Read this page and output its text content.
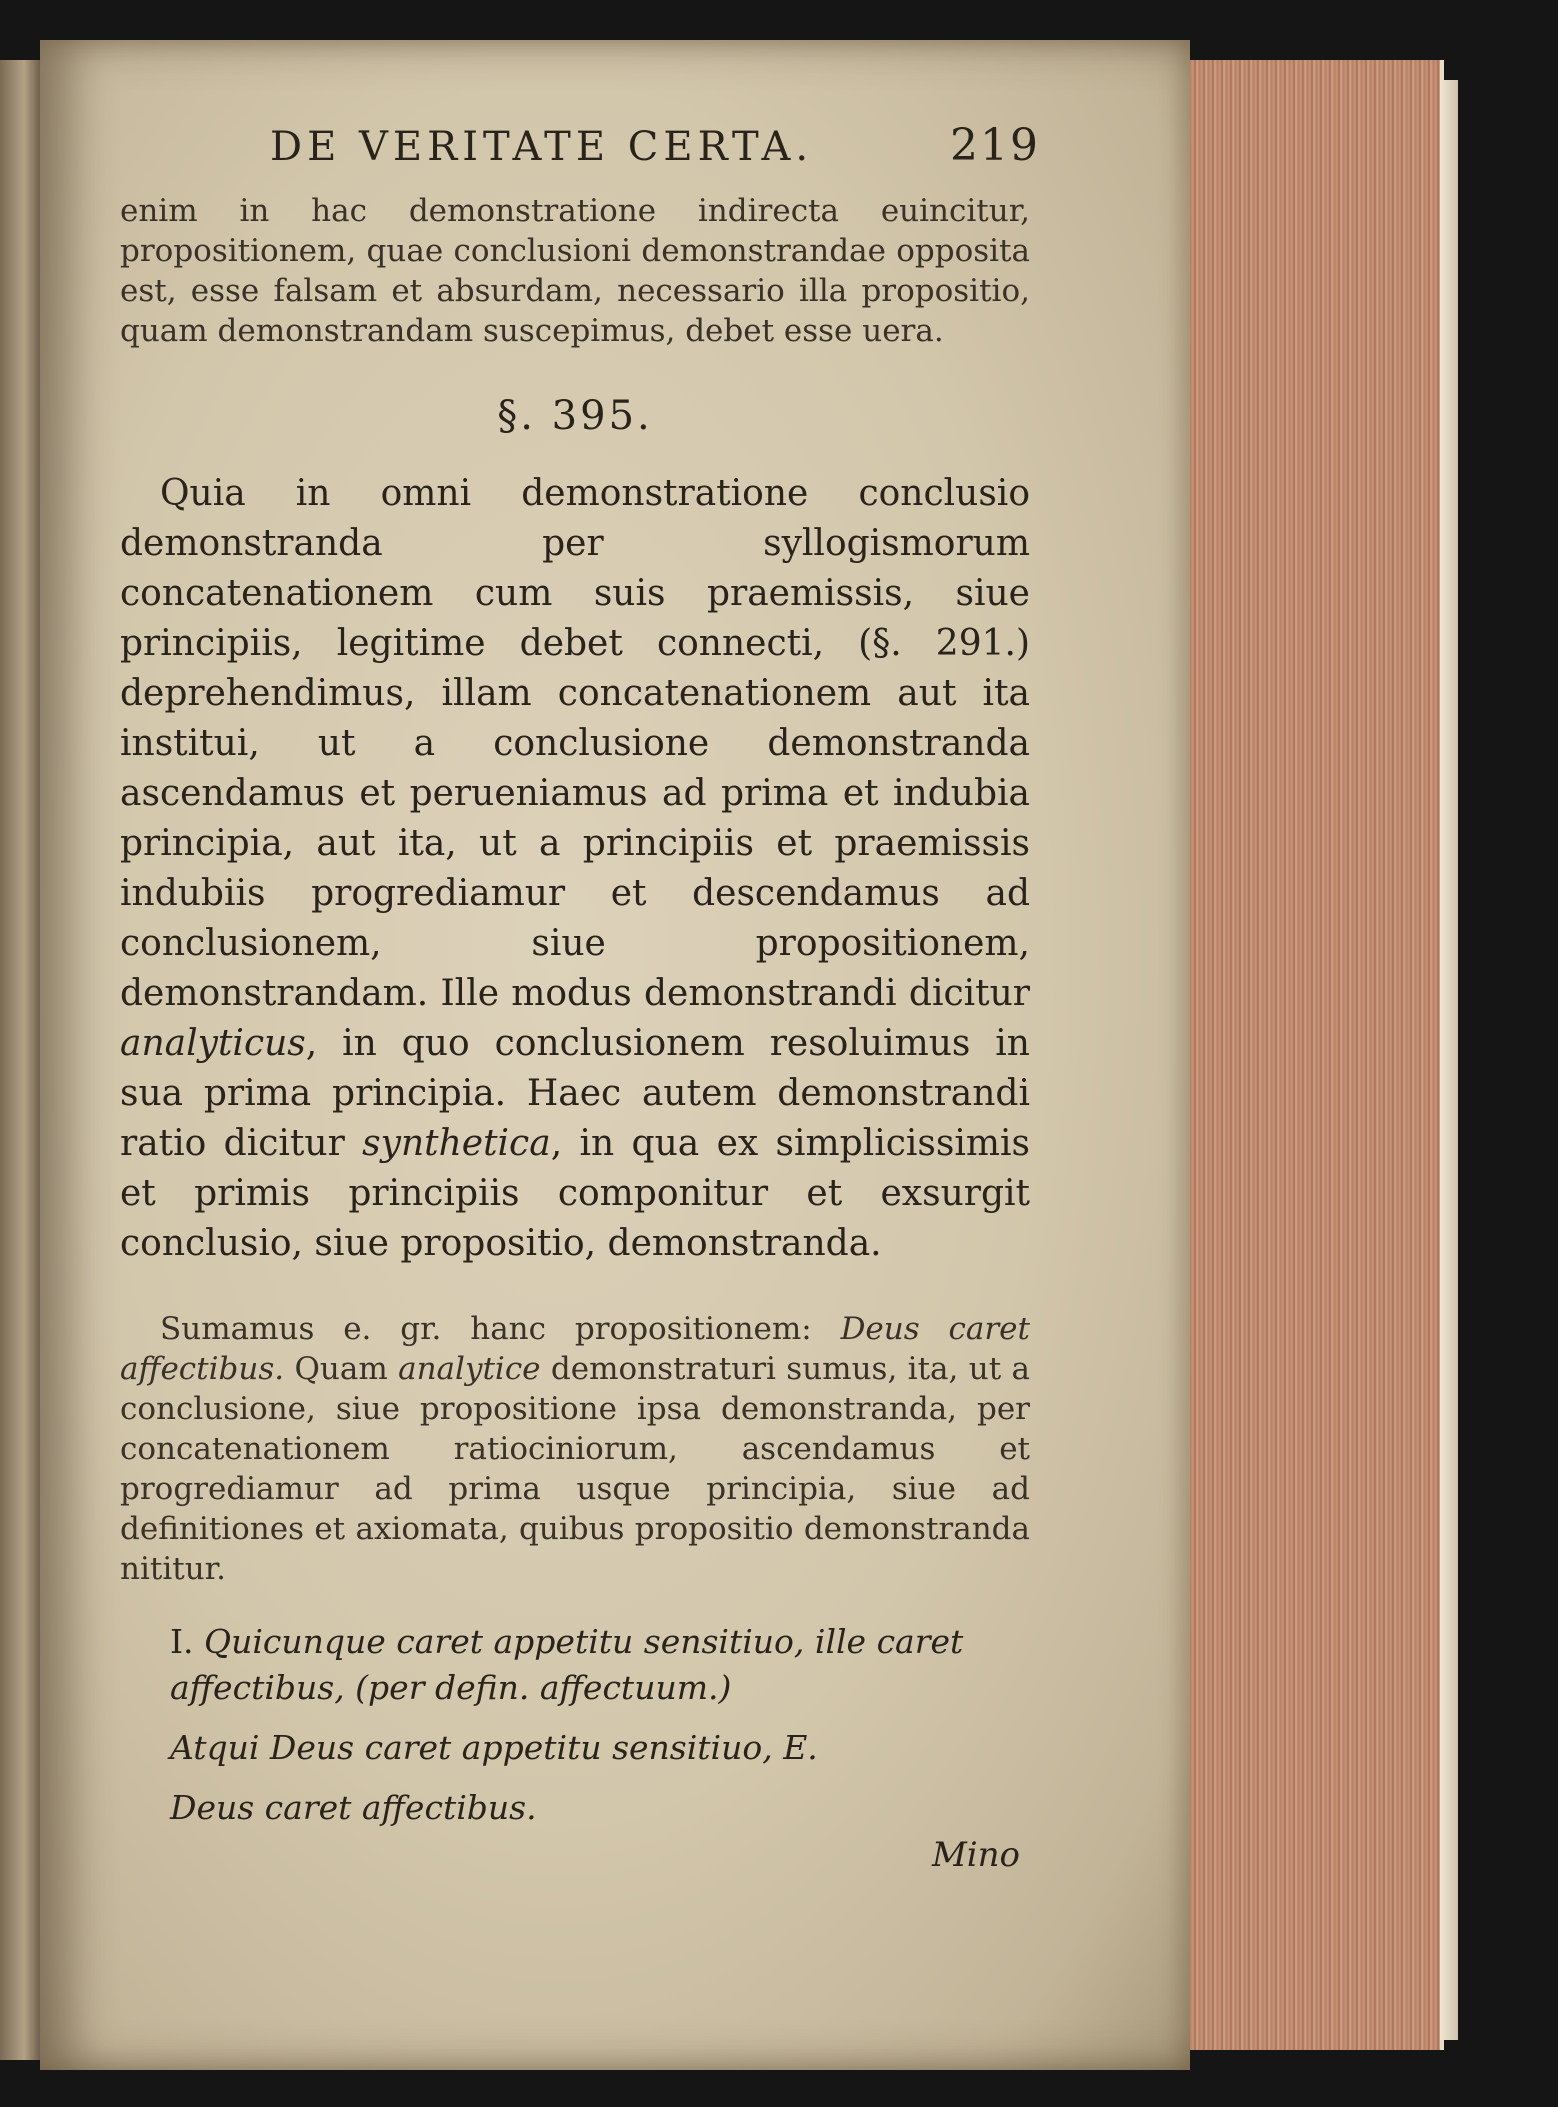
DE VERITATE CERTA.	219

enim in hac demonstratione indirecta euincitur, propositionem, quae conclusioni demonstrandae opposita est, esse falsam et absurdam, necessario illa propositio, quam demonstrandam suscepimus, debet esse uera.

§. 395.

Quia in omni demonstratione conclusio demonstranda per syllogismorum concatenationem cum suis praemissis, siue principiis, legitime debet connecti, (§. 291.) deprehendimus, illam concatenationem aut ita institui, ut a conclusione demonstranda ascendamus et perueniamus ad prima et indubia principia, aut ita, ut a principiis et praemissis indubiis progrediamur et descendamus ad conclusionem, siue propositionem, demonstrandam. Ille modus demonstrandi dicitur analyticus, in quo conclusionem resoluimus in sua prima principia. Haec autem demonstrandi ratio dicitur synthetica, in qua ex simplicissimis et primis principiis componitur et exsurgit conclusio, siue propositio, demonstranda.

Sumamus e. gr. hanc propositionem: Deus caret affectibus. Quam analytice demonstraturi sumus, ita, ut a conclusione, siue propositione ipsa demonstranda, per concatenationem ratiociniorum, ascendamus et progrediamur ad prima usque principia, siue ad definitiones et axiomata, quibus propositio demonstranda nititur.

I. Quicunque caret appetitu sensitiuo, ille caret affectibus, (per defin. affectuum.)

Atqui Deus caret appetitu sensitiuo, E.

Deus caret affectibus.

Mino
